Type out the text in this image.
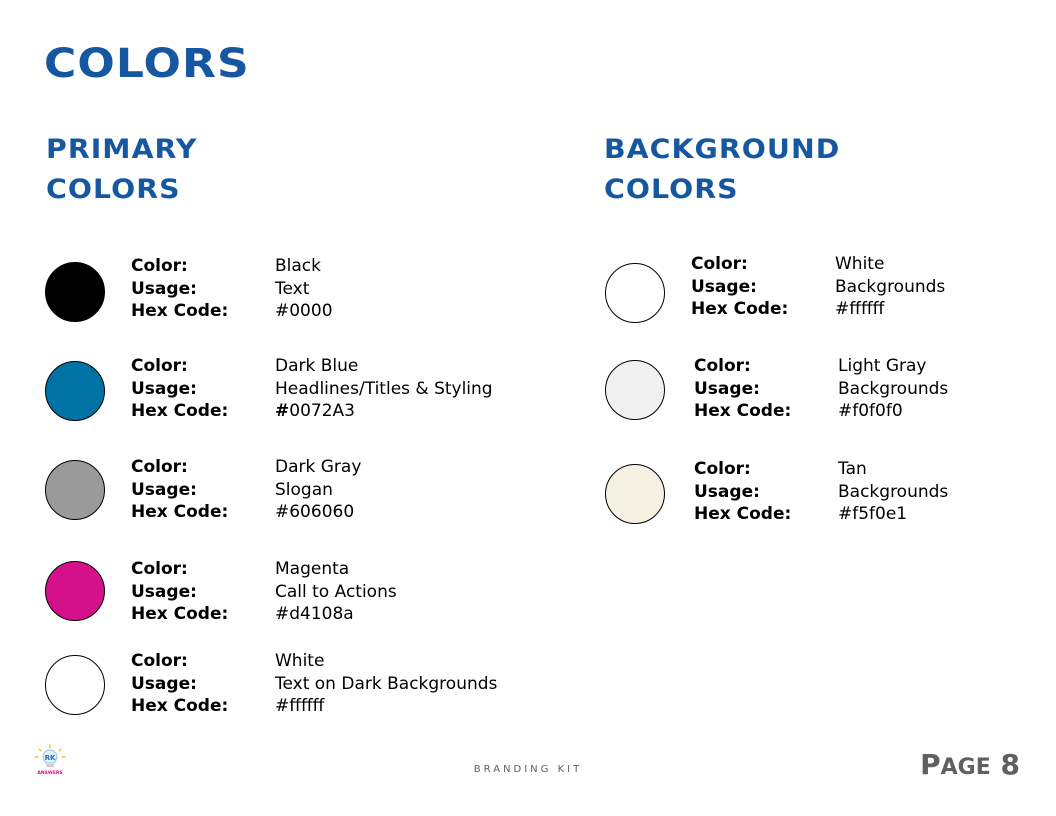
COLORS
PRIMARY
COLORS
Color:	Black
Usage:	Text
Hex Code:	#0000
Color:	Dark Blue
Usage:	Headlines/Titles & Styling
Hex Code:	#0072A3
Color:	Dark Gray
Usage:	Slogan
Hex Code:	#606060
Color:	Magenta
Usage:	Call to Actions
Hex Code:	#d4108a
Color:	White
Usage:	Text on Dark Backgrounds
Hex Code:	#ffffff
BACKGROUND
COLORS
Color:	White
Usage:	Backgrounds
Hex Code:	#ffffff
Color:	Light Gray
Usage:	Backgrounds
Hex Code:	#f0f0f0
Color:	Tan
Usage:	Backgrounds
Hex Code:	#f5f0e1
RK
ANSWERS	BRANDING KIT	PAGE 8
